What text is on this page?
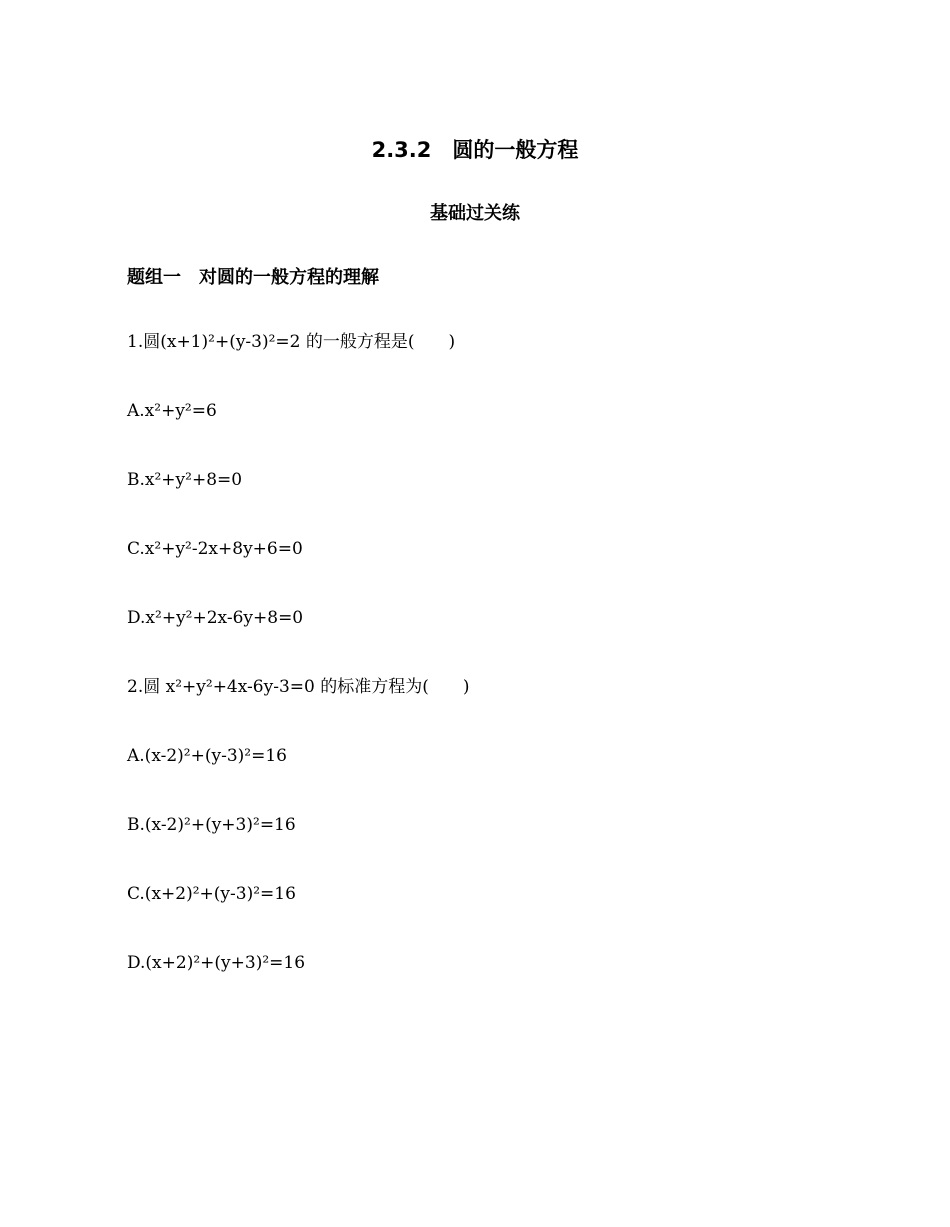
2.3.2　圆的一般方程
基础过关练
题组一　对圆的一般方程的理解
1.圆(x+1)²+(y-3)²=2 的一般方程是(　　)
A.x²+y²=6
B.x²+y²+8=0
C.x²+y²-2x+8y+6=0
D.x²+y²+2x-6y+8=0
2.圆 x²+y²+4x-6y-3=0 的标准方程为(　　)
A.(x-2)²+(y-3)²=16
B.(x-2)²+(y+3)²=16
C.(x+2)²+(y-3)²=16
D.(x+2)²+(y+3)²=16
